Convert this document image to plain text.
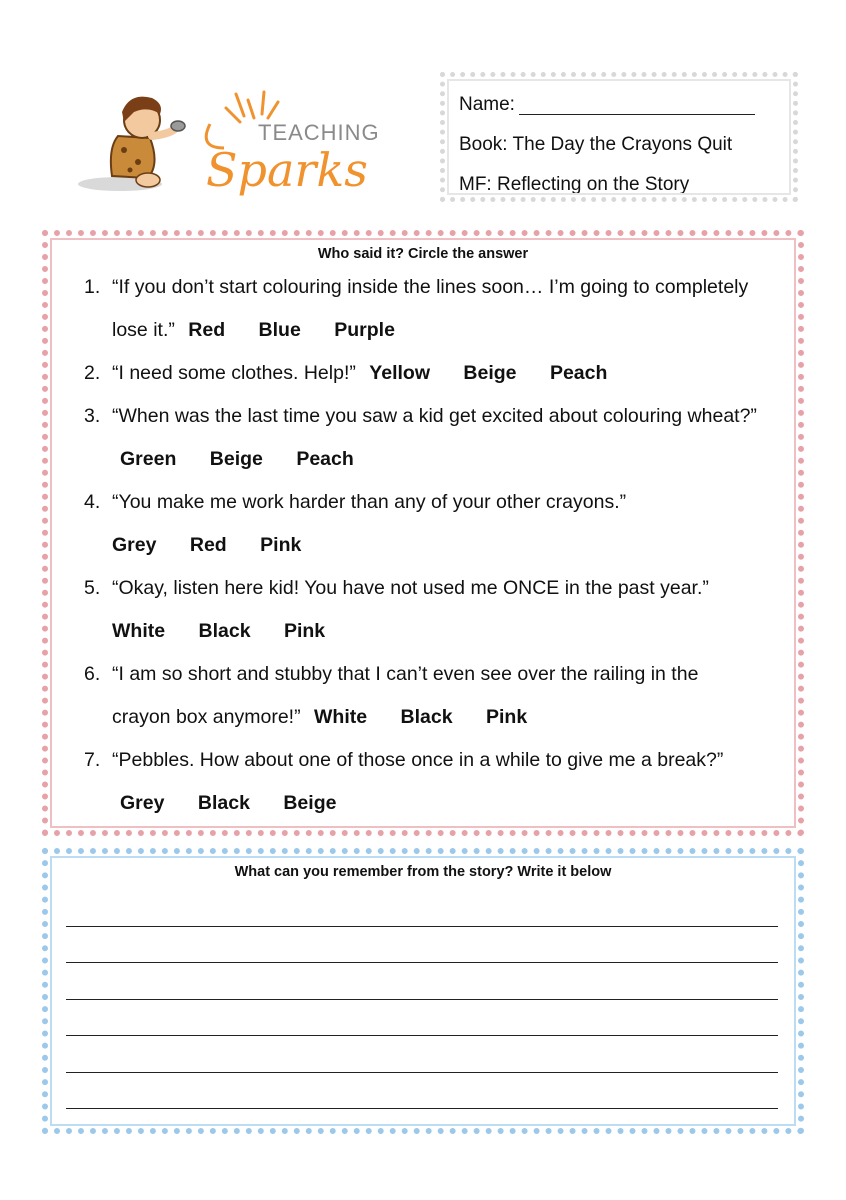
TEACHING
Sparks
Name:
Book: The Day the Crayons Quit
MF: Reflecting on the Story
Who said it? Circle the answer
1. “If you don’t start colouring inside the lines soon… I’m going to completely lose it.” Red Blue Purple
2. “I need some clothes. Help!” Yellow Beige Peach
3. “When was the last time you saw a kid get excited about colouring wheat?” Green Beige Peach
4. “You make me work harder than any of your other crayons.”
Grey Red Pink
5. “Okay, listen here kid! You have not used me ONCE in the past year.”
White Black Pink
6. “I am so short and stubby that I can’t even see over the railing in the crayon box anymore!” White Black Pink
7. “Pebbles. How about one of those once in a while to give me a break?” Grey Black Beige
What can you remember from the story? Write it below
